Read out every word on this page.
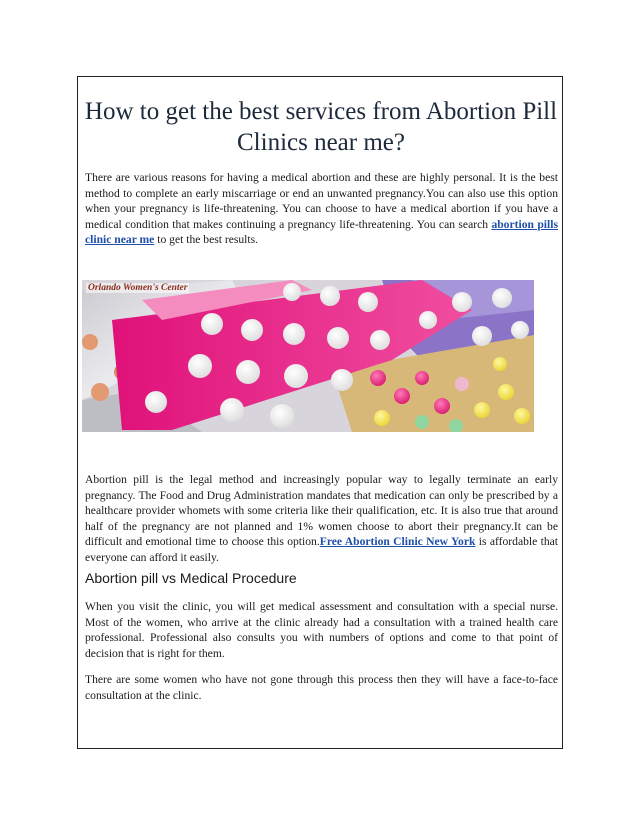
How to get the best services from Abortion Pill Clinics near me?

There are various reasons for having a medical abortion and these are highly personal. It is the best method to complete an early miscarriage or end an unwanted pregnancy.You can also use this option when your pregnancy is life-threatening. You can choose to have a medical abortion if you have a medical condition that makes continuing a pregnancy life-threatening. You can search abortion pills clinic near me to get the best results.

Orlando Women's Center

Abortion pill is the legal method and increasingly popular way to legally terminate an early pregnancy. The Food and Drug Administration mandates that medication can only be prescribed by a healthcare provider whomets with some criteria like their qualification, etc. It is also true that around half of the pregnancy are not planned and 1% women choose to abort their pregnancy.It can be difficult and emotional time to choose this option.Free Abortion Clinic New York is affordable that everyone can afford it easily.

Abortion pill vs Medical Procedure

When you visit the clinic, you will get medical assessment and consultation with a special nurse. Most of the women, who arrive at the clinic already had a consultation with a trained health care professional. Professional also consults you with numbers of options and come to that point of decision that is right for them.

There are some women who have not gone through this process then they will have a face-to-face consultation at the clinic.
